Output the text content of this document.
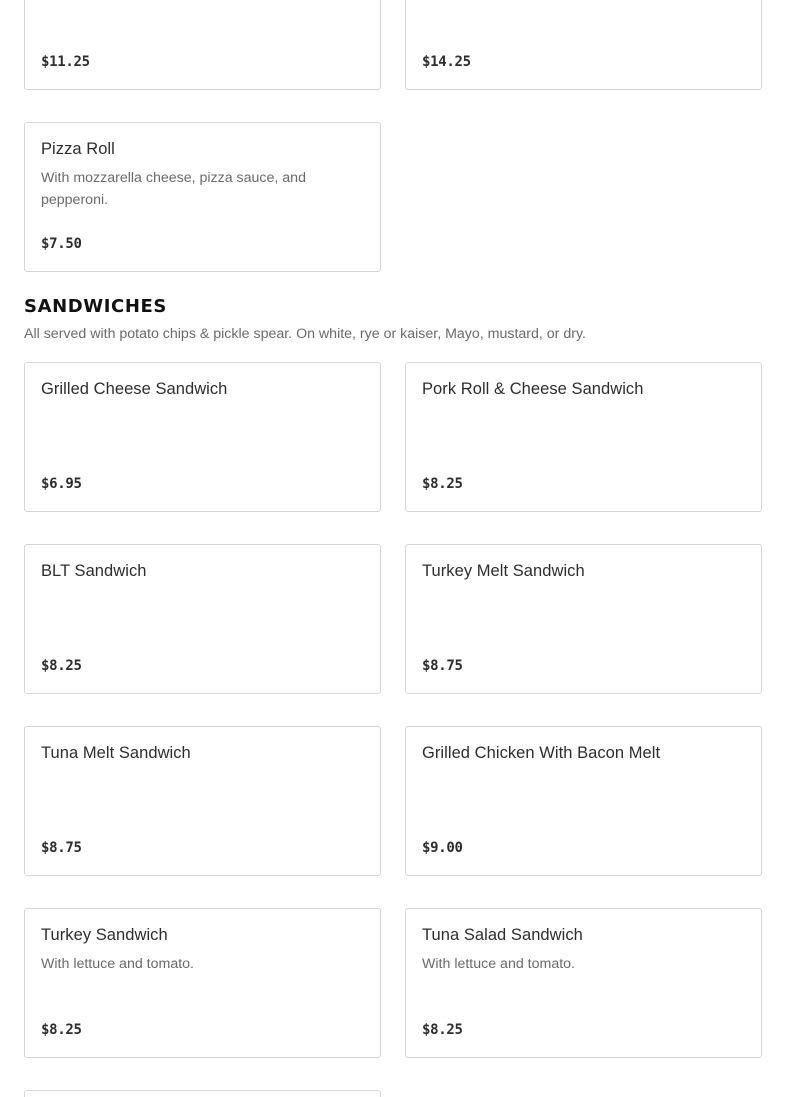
$11.25	$14.25
Pizza Roll
With mozzarella cheese, pizza sauce, and pepperoni.
$7.50
SANDWICHES

All served with potato chips & pickle spear. On white, rye or kaiser, Mayo, mustard, or dry.

Grilled Cheese Sandwich
$6.95
Pork Roll & Cheese Sandwich
$8.25
BLT Sandwich
$8.25
Turkey Melt Sandwich
$8.75
Tuna Melt Sandwich
$8.75
Grilled Chicken With Bacon Melt
$9.00
Turkey Sandwich
With lettuce and tomato.
$8.25
Tuna Salad Sandwich
With lettuce and tomato.
$8.25
